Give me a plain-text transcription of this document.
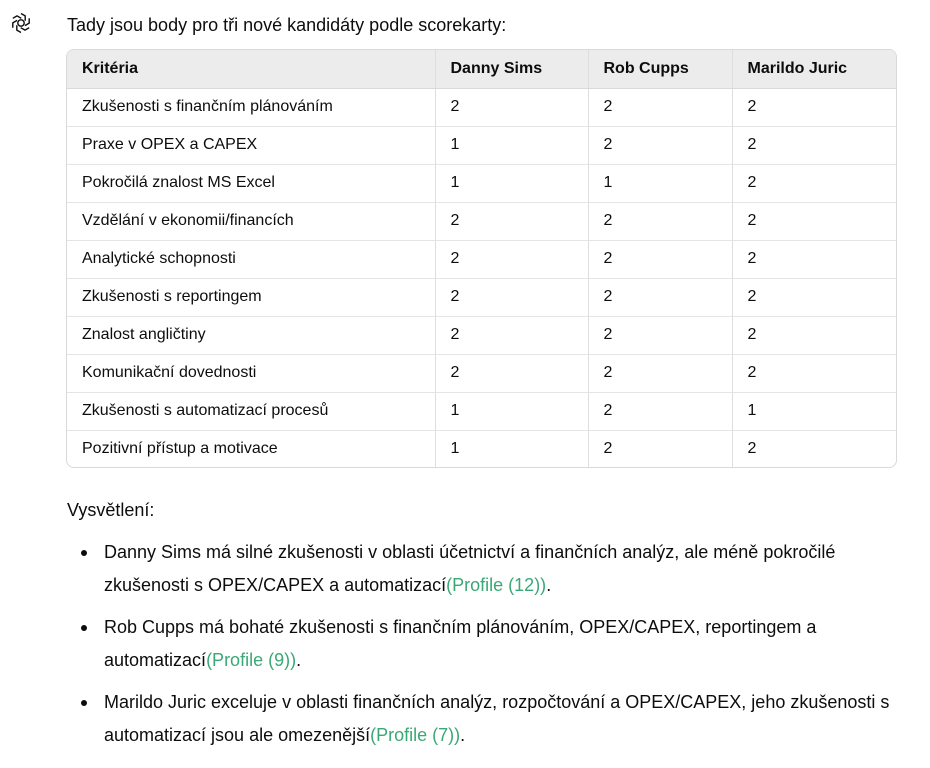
Tady jsou body pro tři nové kandidáty podle scorekarty:

Kritéria	Danny Sims	Rob Cupps	Marildo Juric
Zkušenosti s finančním plánováním	2	2	2
Praxe v OPEX a CAPEX	1	2	2
Pokročilá znalost MS Excel	1	1	2
Vzdělání v ekonomii/financích	2	2	2
Analytické schopnosti	2	2	2
Zkušenosti s reportingem	2	2	2
Znalost angličtiny	2	2	2
Komunikační dovednosti	2	2	2
Zkušenosti s automatizací procesů	1	2	1
Pozitivní přístup a motivace	1	2	2

Vysvětlení:

Danny Sims má silné zkušenosti v oblasti účetnictví a finančních analýz, ale méně pokročilé zkušenosti s OPEX/CAPEX a automatizací(Profile (12)).
Rob Cupps má bohaté zkušenosti s finančním plánováním, OPEX/CAPEX, reportingem a automatizací(Profile (9)).
Marildo Juric exceluje v oblasti finančních analýz, rozpočtování a OPEX/CAPEX, jeho zkušenosti s automatizací jsou ale omezenější(Profile (7)).
